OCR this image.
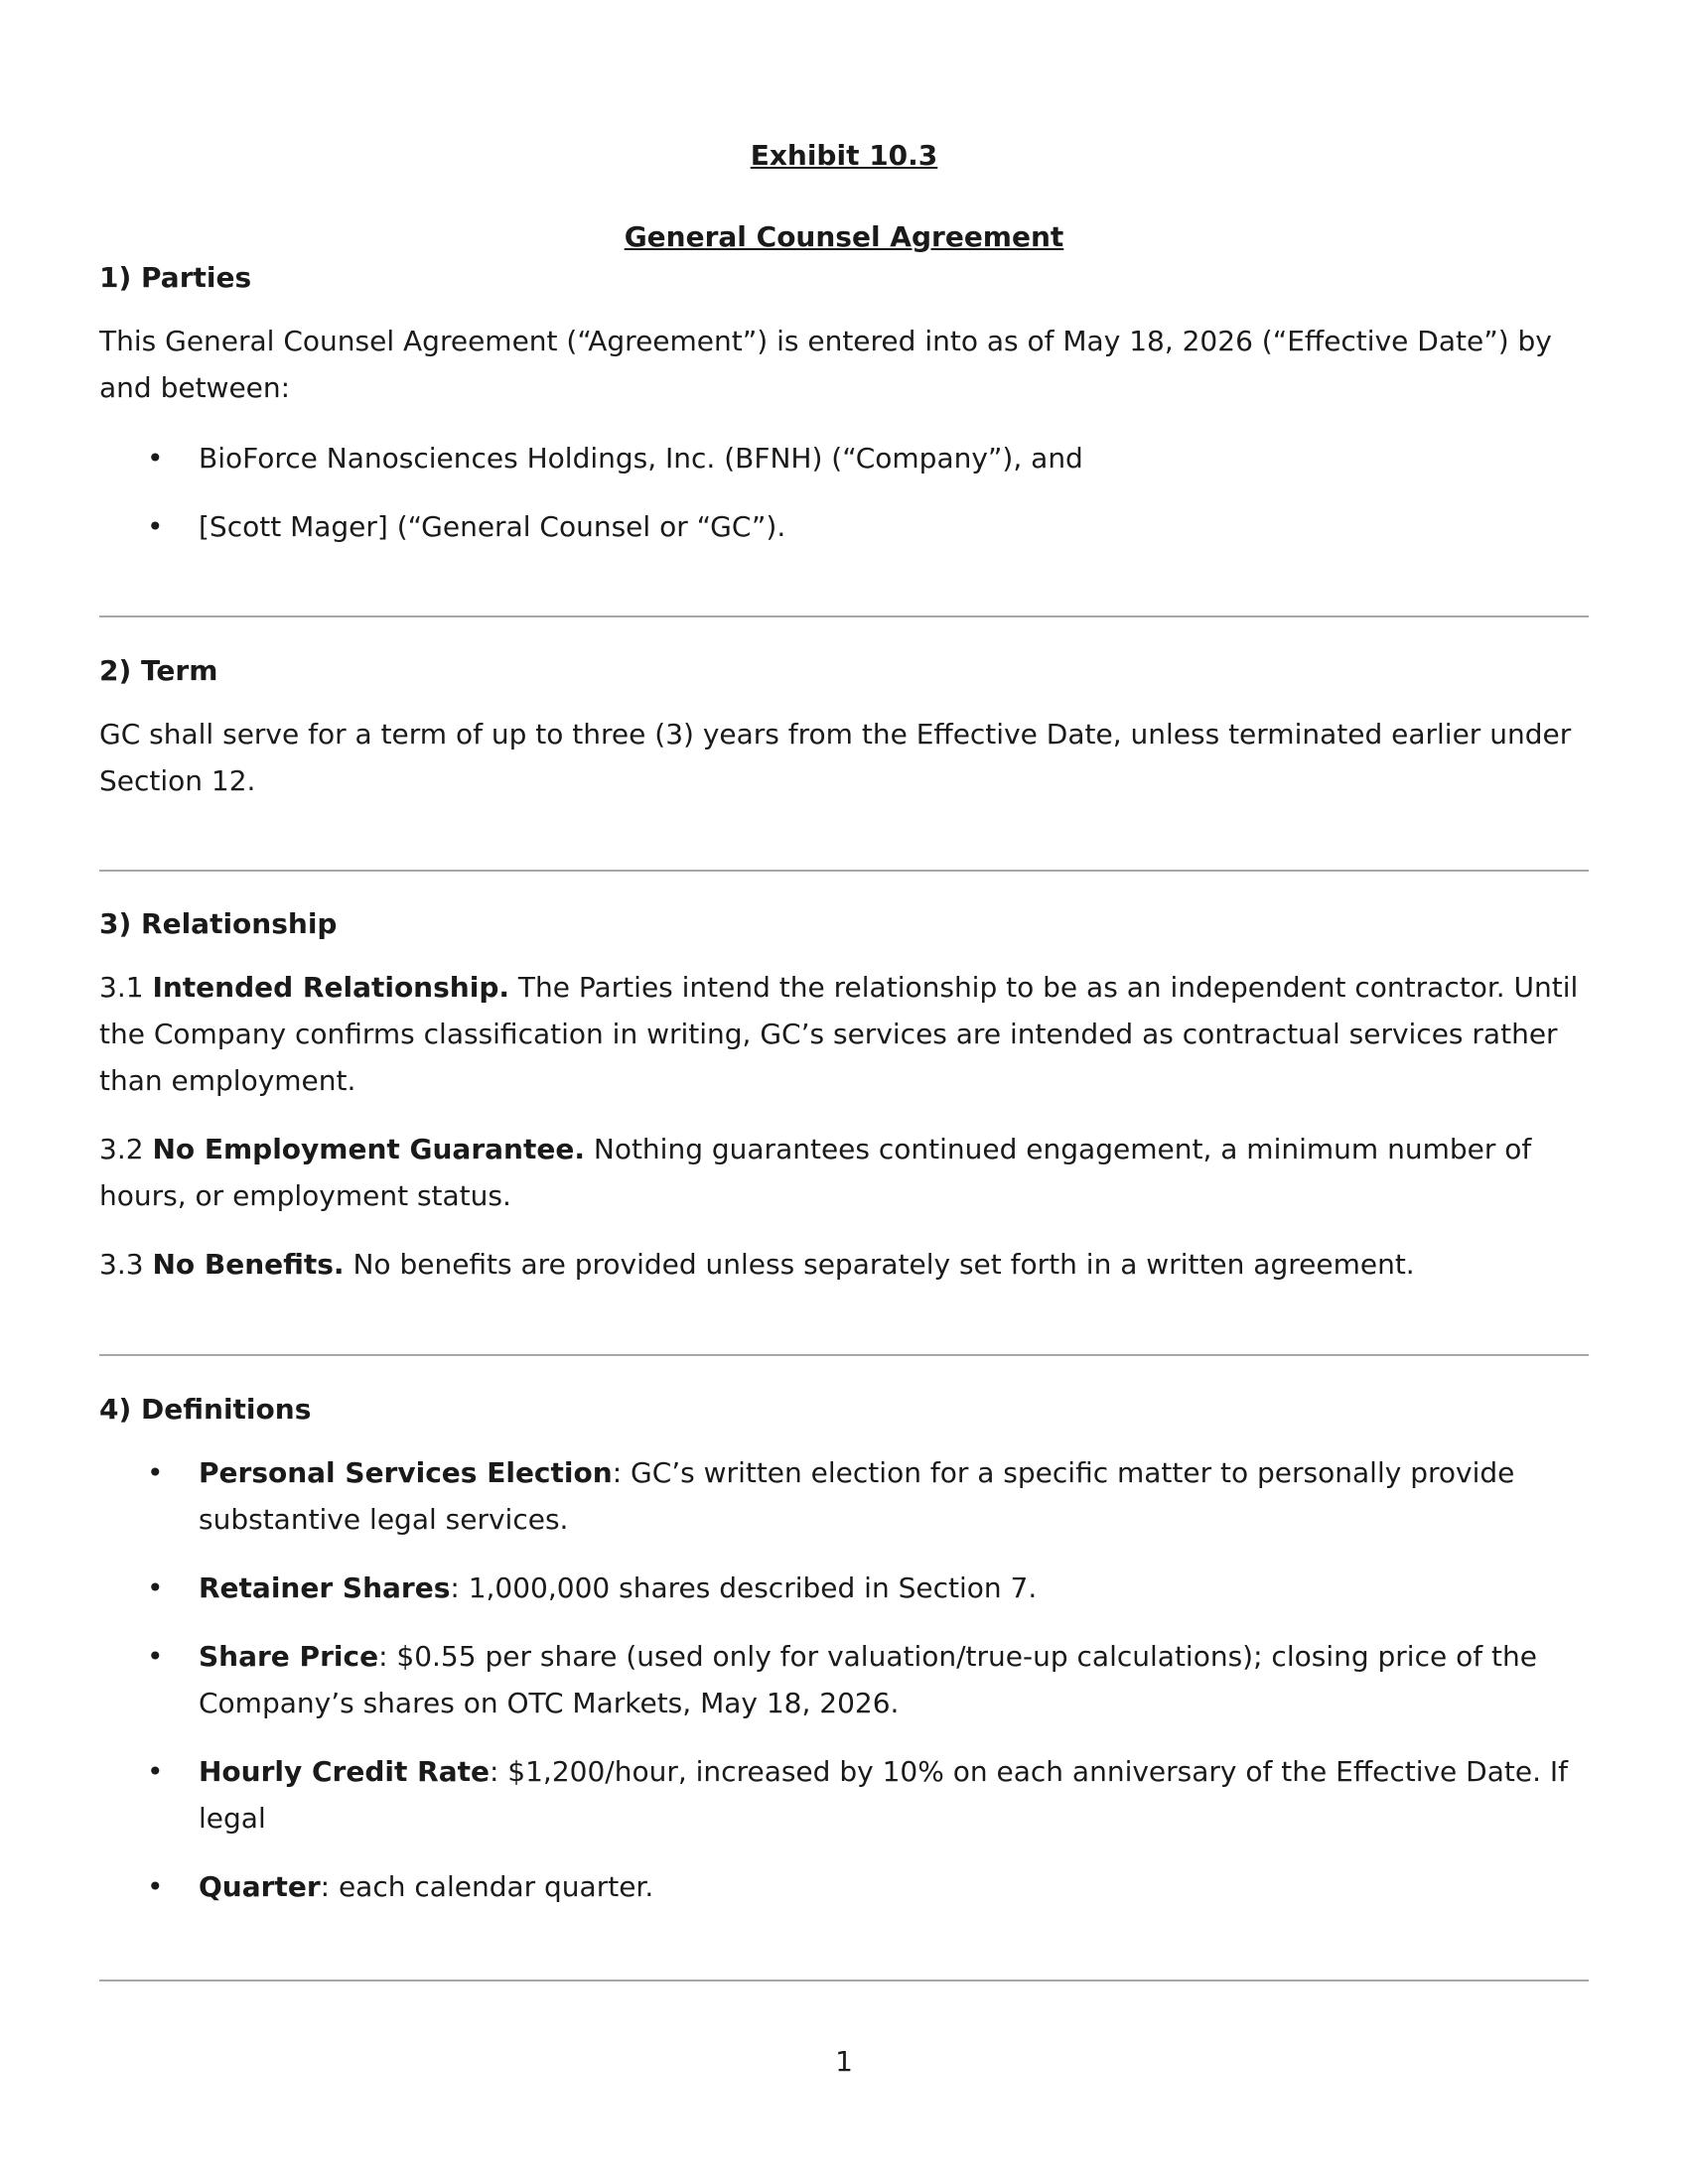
Exhibit 10.3
General Counsel Agreement
1) Parties
This General Counsel Agreement (“Agreement”) is entered into as of May 18, 2026 (“Effective Date”) by and between:
• BioForce Nanosciences Holdings, Inc. (BFNH) (“Company”), and
• [Scott Mager] (“General Counsel or “GC”).
2) Term
GC shall serve for a term of up to three (3) years from the Effective Date, unless terminated earlier under Section 12.
3) Relationship
3.1 Intended Relationship. The Parties intend the relationship to be as an independent contractor. Until the Company confirms classification in writing, GC’s services are intended as contractual services rather than employment.
3.2 No Employment Guarantee. Nothing guarantees continued engagement, a minimum number of hours, or employment status.
3.3 No Benefits. No benefits are provided unless separately set forth in a written agreement.
4) Definitions
• Personal Services Election: GC’s written election for a specific matter to personally provide substantive legal services.
• Retainer Shares: 1,000,000 shares described in Section 7.
• Share Price: $0.55 per share (used only for valuation/true-up calculations); closing price of the Company’s shares on OTC Markets, May 18, 2026.
• Hourly Credit Rate: $1,200/hour, increased by 10% on each anniversary of the Effective Date. If legal
• Quarter: each calendar quarter.
1
